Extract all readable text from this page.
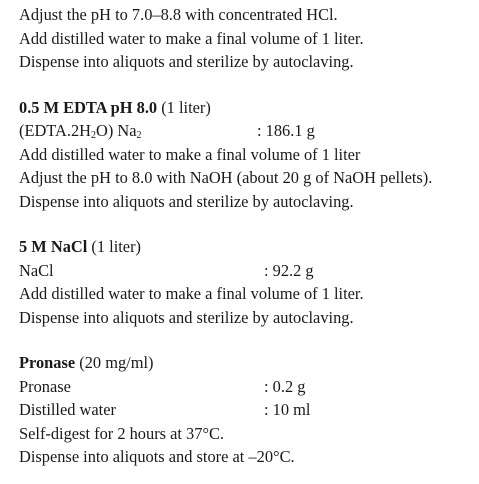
Adjust the pH to 7.0–8.8 with concentrated HCl.
Add distilled water to make a final volume of 1 liter.
Dispense into aliquots and sterilize by autoclaving.
0.5 M EDTA pH 8.0 (1 liter)
$(EDTA.2H_2O)$ $Na_2$	: 186.1 g
Add distilled water to make a final volume of 1 liter
Adjust the pH to 8.0 with NaOH (about 20 g of NaOH pellets).
Dispense into aliquots and sterilize by autoclaving.
5 M NaCl (1 liter)
NaCl	: 92.2 g
Add distilled water to make a final volume of 1 liter.
Dispense into aliquots and sterilize by autoclaving.
Pronase (20 mg/ml)
Pronase	: 0.2 g
Distilled water	: 10 ml
Self-digest for 2 hours at 37°C.
Dispense into aliquots and store at –20°C.
